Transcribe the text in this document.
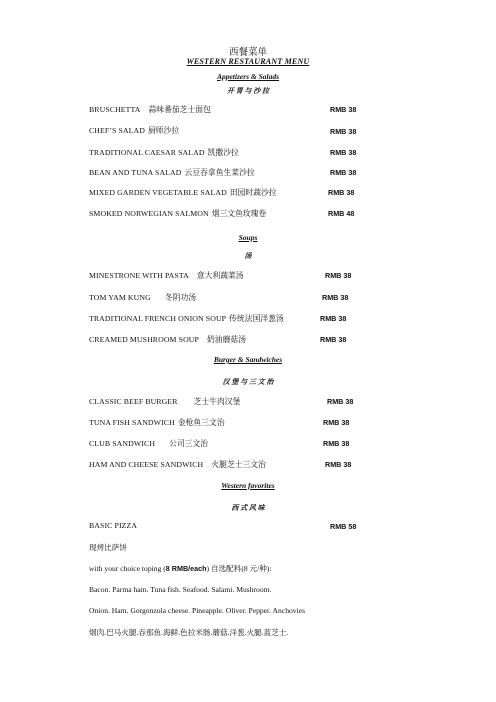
西餐菜单
WESTERN RESTAURANT MENU
Appetizers & Salads
开 胃 与 沙 拉
BRUSCHETTA 蒜味番茄芝士面包	RMB 38
CHEF’S SALAD 厨师沙拉	RMB 38
TRADITIONAL CAESAR SALAD 凯撒沙拉	RMB 38
BEAN AND TUNA SALAD 云豆吞拿鱼生菜沙拉	RMB 38
MIXED GARDEN VEGETABLE SALAD 田园时蔬沙拉	RMB 38
SMOKED NORWEGIAN SALMON 烟三文鱼玫瑰卷	RMB 48
Soups
汤
MINESTRONE WITH PASTA 意大利蔬菜汤	RMB 38
TOM YAM KUNG 冬阴功汤	RMB 38
TRADITIONAL FRENCH ONION SOUP 传统法国洋葱汤	RMB 38
CREAMED MUSHROOM SOUP 奶油蘑菇汤	RMB 38
Burger & Sandwiches
汉 堡 与 三 文 治
CLASSIC BEEF BURGER 芝士牛肉汉堡	RMB 38
TUNA FISH SANDWICH 金枪鱼三文治	RMB 38
CLUB SANDWICH 公司三文治	RMB 38
HAM AND CHEESE SANDWICH 火腿芝士三文治	RMB 38
Western favorites
西 式 风 味
BASIC PIZZA	RMB 58
现烤比萨饼
with your choice toping (8 RMB/each) 自选配料(8 元/种):
Bacon. Parma ham. Tuna fish. Seafood. Salami. Mushroom.
Onion. Ham. Gorgonzola cheese. Pineapple. Oliver. Pepper. Anchovies
烟肉.巴马火腿.吞那鱼.海鲜.色拉米肠.蘑菇.洋葱.火腿.蓝芝士.
